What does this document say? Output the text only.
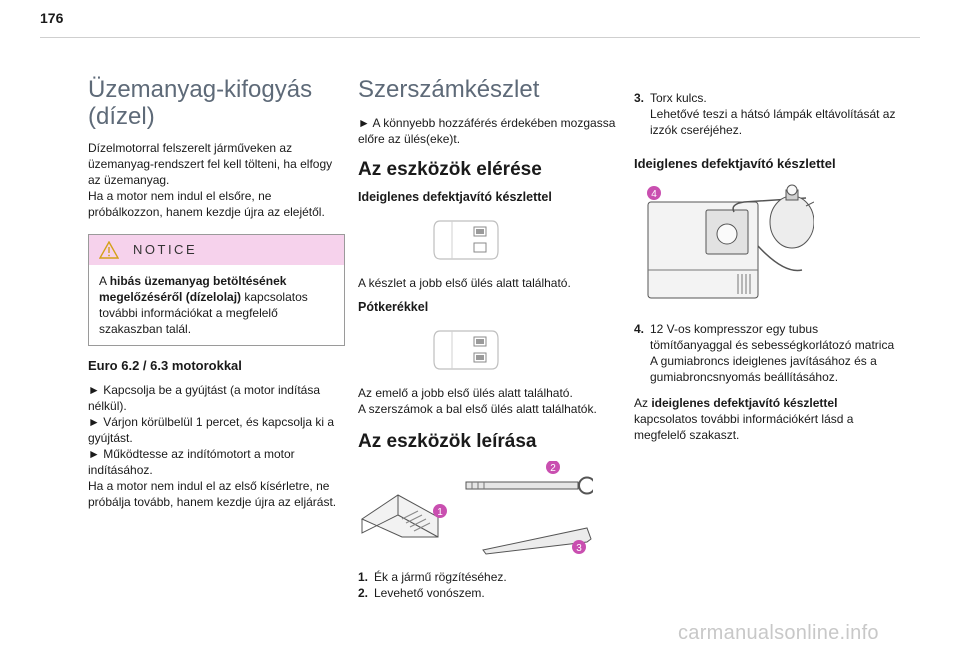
176
Üzemanyag-kifogyás (dízel)

Dízelmotorral felszerelt járműveken az üzemanyag-rendszert fel kell tölteni, ha elfogy az üzemanyag.

Ha a motor nem indul el elsőre, ne próbálkozzon, hanem kezdje újra az elejétől.

NOTICE
A hibás üzemanyag betöltésének megelőzéséről (dízelolaj) kapcsolatos további információkat a megfelelő szakaszban talál.
Euro 6.2 / 6.3 motorokkal
► Kapcsolja be a gyújtást (a motor indítása nélkül).
► Várjon körülbelül 1 percet, és kapcsolja ki a gyújtást.
► Működtesse az indítómotort a motor indításához.
Ha a motor nem indul el az első kísérletre, ne próbálja tovább, hanem kezdje újra az eljárást.
Szerszámkészlet

► A könnyebb hozzáférés érdekében mozgassa előre az ülés(eke)t.

Az eszközök elérése
Ideiglenes defektjavító készlettel

A készlet a jobb első ülés alatt található.

Pótkerékkel
Az emelő a jobb első ülés alatt található.
A szerszámok a bal első ülés alatt találhatók.
Az eszközök leírása
1
2
3
1. Ék a jármű rögzítéséhez.
2. Levehető vonószem.
3. Torx kulcs.
Lehetővé teszi a hátsó lámpák eltávolítását az izzók cseréjéhez.
Ideiglenes defektjavító készlettel
4
4. 12 V-os kompresszor egy tubus tömítőanyaggal és sebességkorlátozó matrica
A gumiabroncs ideiglenes javításához és a gumiabroncsnyomás beállításához.

Az ideiglenes defektjavító készlettel kapcsolatos további információkért lásd a megfelelő szakaszt.

carmanualsonline.info
